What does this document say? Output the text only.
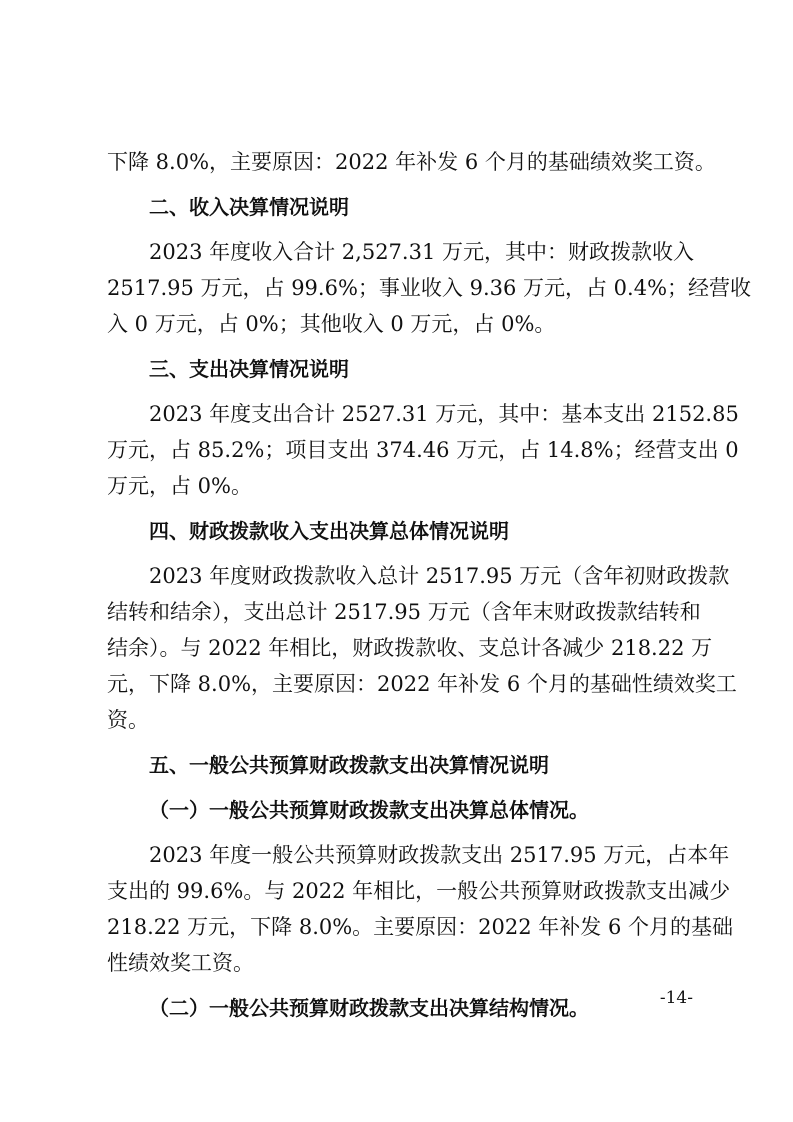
下降 8.0%，主要原因：2022 年补发 6 个月的基础绩效奖工资。
二、收入决算情况说明
2023 年度收入合计 2,527.31 万元，其中：财政拨款收入
2517.95 万元，占 99.6%；事业收入 9.36 万元，占 0.4%；经营收
入 0 万元，占 0%；其他收入 0 万元，占 0%。
三、支出决算情况说明
2023 年度支出合计 2527.31 万元，其中：基本支出 2152.85
万元，占 85.2%；项目支出 374.46 万元，占 14.8%；经营支出 0
万元，占 0%。
四、财政拨款收入支出决算总体情况说明
2023 年度财政拨款收入总计 2517.95 万元（含年初财政拨款
结转和结余），支出总计 2517.95 万元（含年末财政拨款结转和
结余）。与 2022 年相比，财政拨款收、支总计各减少 218.22 万
元，下降 8.0%，主要原因：2022 年补发 6 个月的基础性绩效奖工
资。
五、一般公共预算财政拨款支出决算情况说明
（一）一般公共预算财政拨款支出决算总体情况。
2023 年度一般公共预算财政拨款支出 2517.95 万元，占本年
支出的 99.6%。与 2022 年相比，一般公共预算财政拨款支出减少
218.22 万元，下降 8.0%。主要原因：2022 年补发 6 个月的基础
性绩效奖工资。
（二）一般公共预算财政拨款支出决算结构情况。	-14-
